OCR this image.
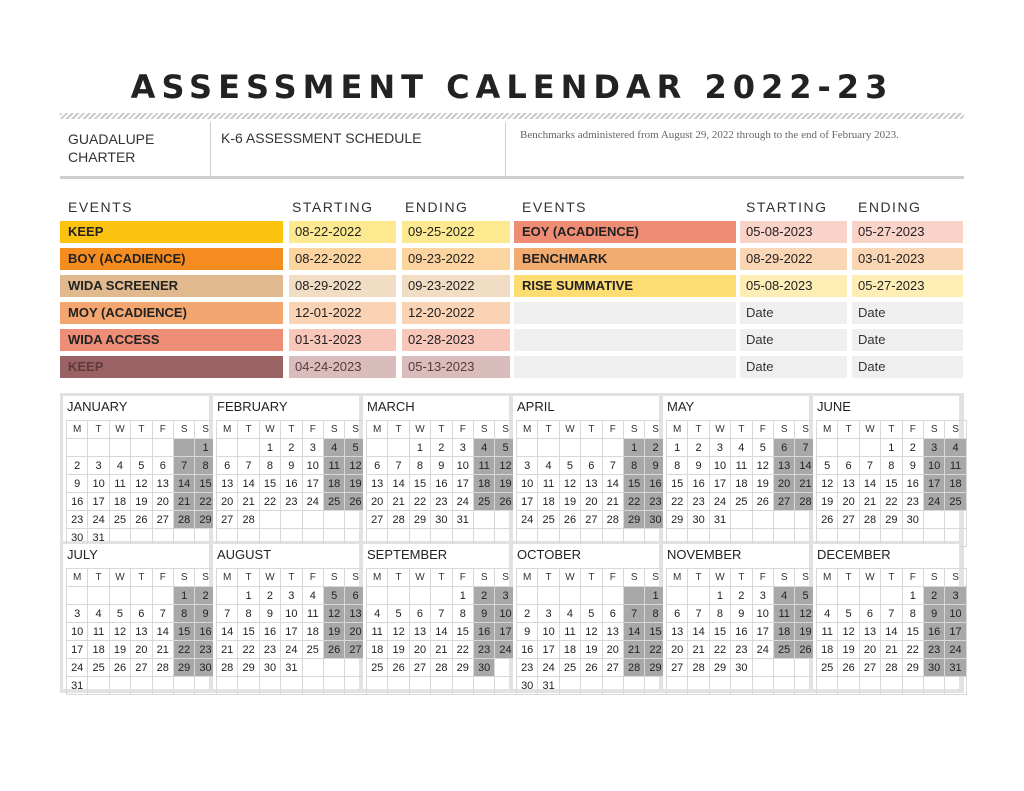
ASSESSMENT CALENDAR 2022-23
GUADALUPE CHARTER
K-6 ASSESSMENT SCHEDULE	Benchmarks administered from August 29, 2022 through to the end of February 2023.
EVENTS	STARTING ENDING	EVENTS	STARTING ENDING
KEEP	08-22-2022	09-25-2022
BOY (ACADIENCE)	08-22-2022	09-23-2022
WIDA SCREENER	08-29-2022	09-23-2022
MOY (ACADIENCE)	12-01-2022	12-20-2022
WIDA ACCESS	01-31-2023	02-28-2023
KEEP	04-24-2023	05-13-2023
EOY (ACADIENCE)	05-08-2023	05-27-2023
BENCHMARK	08-29-2022	03-01-2023
RISE SUMMATIVE	05-08-2023	05-27-2023
Date	Date
Date	Date
Date	Date
JANUARY
M	T	W	T	F	S	S
						1
2	3	4	5	6	7	8
9	10	11	12	13	14	15
16	17	18	19	20	21	22
23	24	25	26	27	28	29
30	31					
FEBRUARY
M	T	W	T	F	S	S
		1	2	3	4	5
6	7	8	9	10	11	12
13	14	15	16	17	18	19
20	21	22	23	24	25	26
27	28					

MARCH
M	T	W	T	F	S	S
		1	2	3	4	5
6	7	8	9	10	11	12
13	14	15	16	17	18	19
20	21	22	23	24	25	26
27	28	29	30	31		

APRIL
M	T	W	T	F	S	S
					1	2
3	4	5	6	7	8	9
10	11	12	13	14	15	16
17	18	19	20	21	22	23
24	25	26	27	28	29	30

MAY
M	T	W	T	F	S	S
1	2	3	4	5	6	7
8	9	10	11	12	13	14
15	16	17	18	19	20	21
22	23	24	25	26	27	28
29	30	31				

JUNE
M	T	W	T	F	S	S
			1	2	3	4
5	6	7	8	9	10	11
12	13	14	15	16	17	18
19	20	21	22	23	24	25
26	27	28	29	30		

JULY
M	T	W	T	F	S	S
					1	2
3	4	5	6	7	8	9
10	11	12	13	14	15	16
17	18	19	20	21	22	23
24	25	26	27	28	29	30
31						
AUGUST
M	T	W	T	F	S	S
	1	2	3	4	5	6
7	8	9	10	11	12	13
14	15	16	17	18	19	20
21	22	23	24	25	26	27
28	29	30	31			

SEPTEMBER
M	T	W	T	F	S	S
				1	2	3
4	5	6	7	8	9	10
11	12	13	14	15	16	17
18	19	20	21	22	23	24
25	26	27	28	29	30	

OCTOBER
M	T	W	T	F	S	S
						1
2	3	4	5	6	7	8
9	10	11	12	13	14	15
16	17	18	19	20	21	22
23	24	25	26	27	28	29
30	31					
NOVEMBER
M	T	W	T	F	S	S
		1	2	3	4	5
6	7	8	9	10	11	12
13	14	15	16	17	18	19
20	21	22	23	24	25	26
27	28	29	30			

DECEMBER
M	T	W	T	F	S	S
				1	2	3
4	5	6	7	8	9	10
11	12	13	14	15	16	17
18	19	20	21	22	23	24
25	26	27	28	29	30	31
